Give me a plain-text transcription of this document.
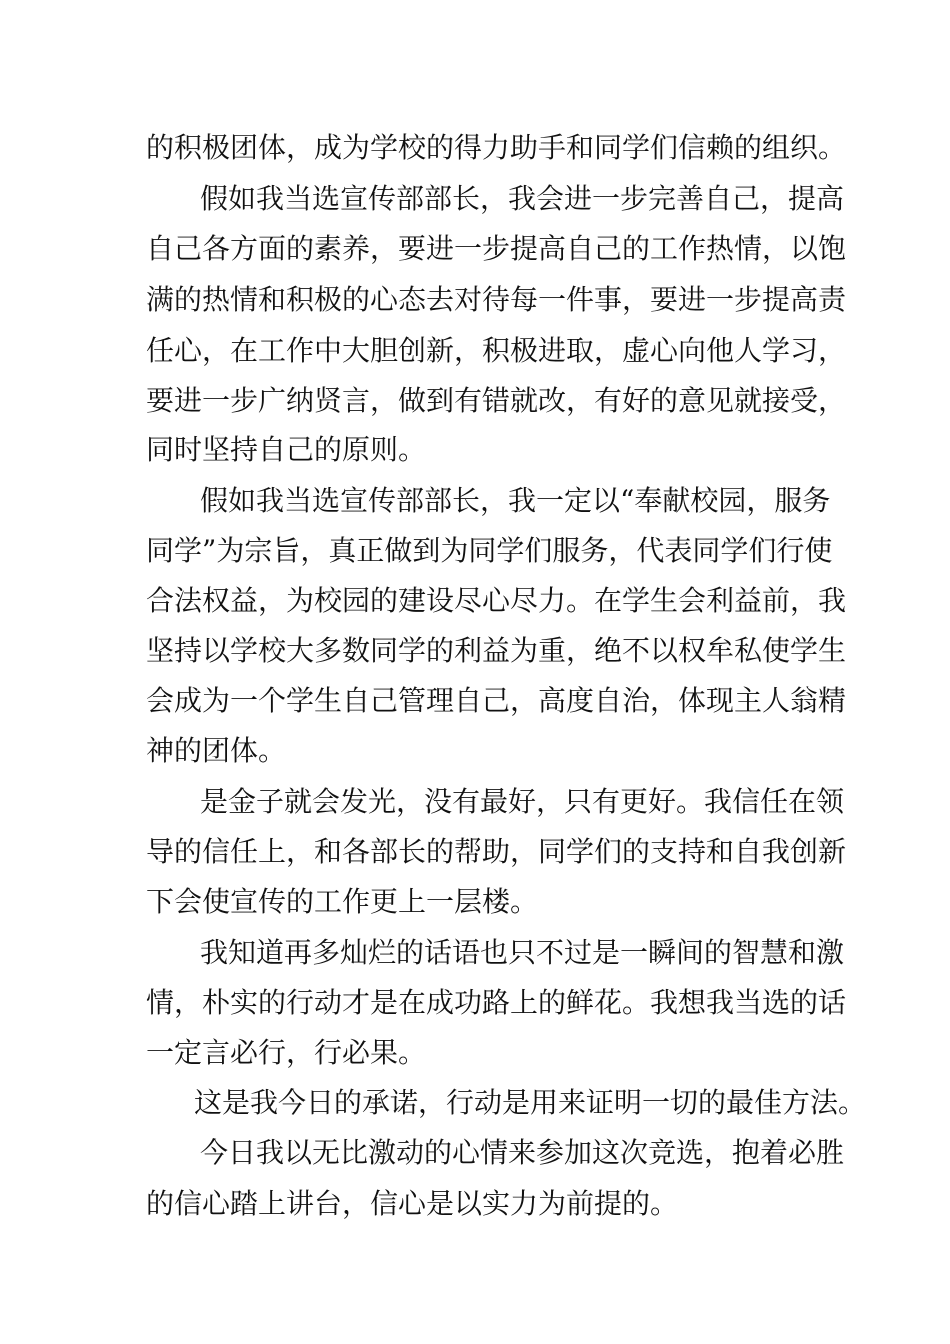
的积极团体，成为学校的得力助手和同学们信赖的组织。
假如我当选宣传部部长，我会进一步完善自己，提高
自己各方面的素养，要进一步提高自己的工作热情，以饱
满的热情和积极的心态去对待每一件事，要进一步提高责
任心，在工作中大胆创新，积极进取，虚心向他人学习，
要进一步广纳贤言，做到有错就改，有好的意见就接受，
同时坚持自己的原则。
假如我当选宣传部部长，我一定以“奉献校园，服务
同学”为宗旨，真正做到为同学们服务，代表同学们行使
合法权益，为校园的建设尽心尽力。在学生会利益前，我
坚持以学校大多数同学的利益为重，绝不以权牟私使学生
会成为一个学生自己管理自己，高度自治，体现主人翁精
神的团体。
是金子就会发光，没有最好，只有更好。我信任在领
导的信任上，和各部长的帮助，同学们的支持和自我创新
下会使宣传的工作更上一层楼。
我知道再多灿烂的话语也只不过是一瞬间的智慧和激
情，朴实的行动才是在成功路上的鲜花。我想我当选的话
一定言必行，行必果。
这是我今日的承诺，行动是用来证明一切的最佳方法。
今日我以无比激动的心情来参加这次竞选，抱着必胜
的信心踏上讲台，信心是以实力为前提的。
